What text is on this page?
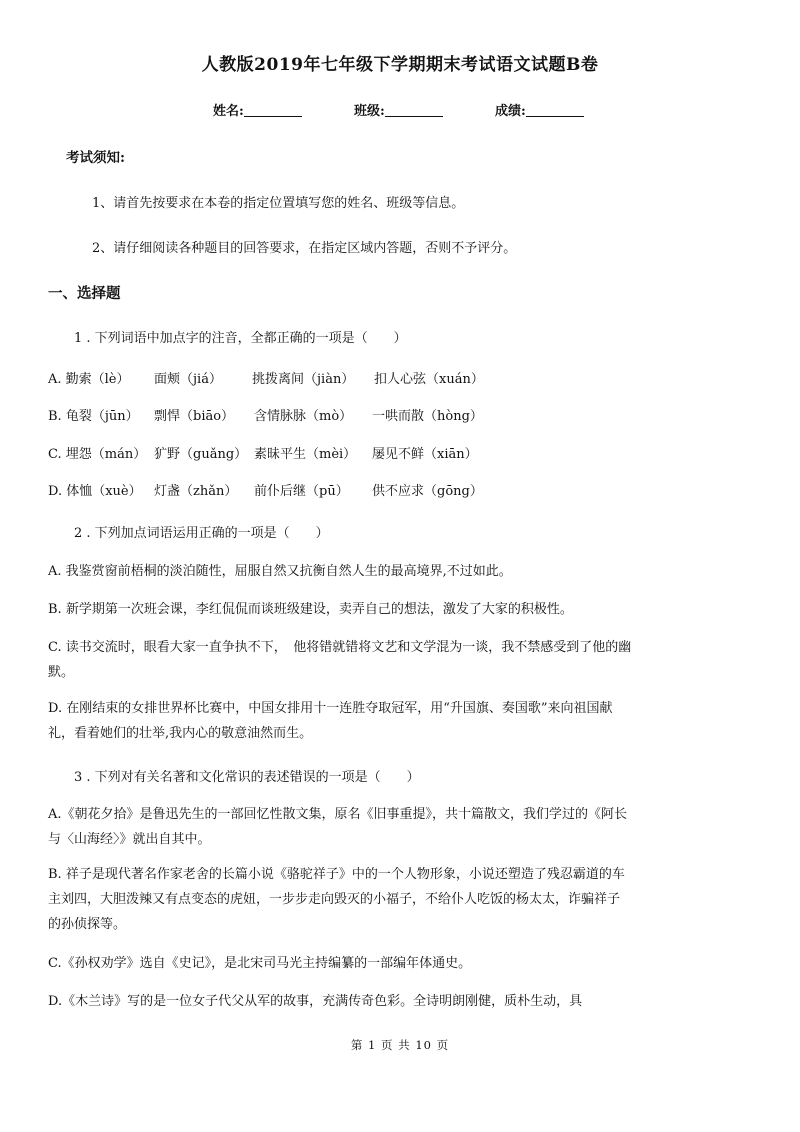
人教版2019年七年级下学期期末考试语文试题B卷
姓名:	班级:	成绩:
考试须知:
1、请首先按要求在本卷的指定位置填写您的姓名、班级等信息。
2、请仔细阅读各种题目的回答要求，在指定区域内答题，否则不予评分。
一、选择题
1 . 下列词语中加点字的注音，全都正确的一项是（　　）
A. 勤索（lè） 面颊（jiá） 挑拨离间（jiàn） 扣人心弦（xuán）
B. 龟裂（jūn） 剽悍（biāo） 含情脉脉（mò） 一哄而散（hòng）
C. 埋怨（mán） 犷野（guǎng） 素昧平生（mèi） 屡见不鲜（xiān）
D. 体恤（xuè） 灯盏（zhǎn） 前仆后继（pū） 供不应求（gōng）
2 . 下列加点词语运用正确的一项是（　　）
A. 我鉴赏窗前梧桐的淡泊随性，屈服自然又抗衡自然人生的最高境界,不过如此。
B. 新学期第一次班会课，李红侃侃而谈班级建设，卖弄自己的想法，激发了大家的积极性。
C. 读书交流时，眼看大家一直争执不下，　他将错就错将文艺和文学混为一谈，我不禁感受到了他的幽默。
D. 在刚结束的女排世界杯比赛中，中国女排用十一连胜夺取冠军，用“升国旗、奏国歌”来向祖国献礼，看着她们的壮举,我内心的敬意油然而生。
3 . 下列对有关名著和文化常识的表述错误的一项是（　　）
A.《朝花夕拾》是鲁迅先生的一部回忆性散文集，原名《旧事重提》，共十篇散文，我们学过的《阿长与〈山海经〉》就出自其中。
B. 祥子是现代著名作家老舍的长篇小说《骆驼祥子》中的一个人物形象，小说还塑造了残忍霸道的车主刘四，大胆泼辣又有点变态的虎妞，一步步走向毁灭的小福子，不给仆人吃饭的杨太太，诈骗祥子的孙侦探等。
C.《孙权劝学》选自《史记》，是北宋司马光主持编纂的一部编年体通史。
D.《木兰诗》写的是一位女子代父从军的故事，充满传奇色彩。全诗明朗刚健，质朴生动，具
第 1 页 共 10 页
